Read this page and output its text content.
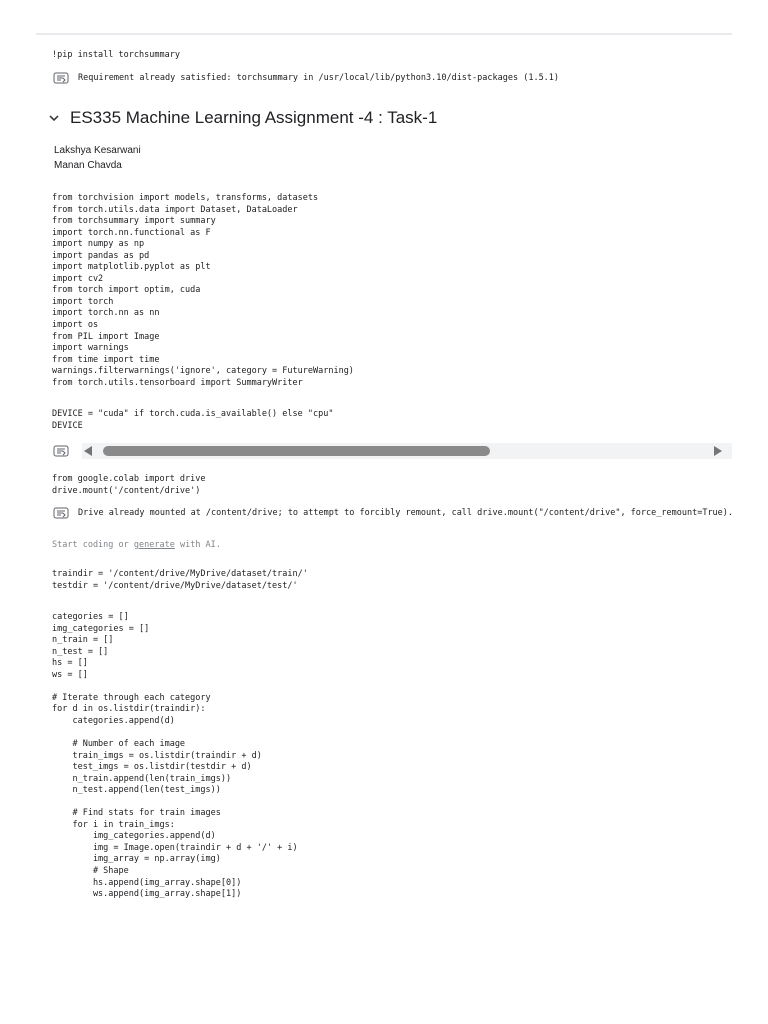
!pip install torchsummary
Requirement already satisfied: torchsummary in /usr/local/lib/python3.10/dist-packages (1.5.1)
ES335 Machine Learning Assignment -4 : Task-1
Lakshya Kesarwani
Manan Chavda
from torchvision import models, transforms, datasets
from torch.utils.data import Dataset, DataLoader
from torchsummary import summary
import torch.nn.functional as F
import numpy as np
import pandas as pd
import matplotlib.pyplot as plt
import cv2
from torch import optim, cuda
import torch
import torch.nn as nn
import os
from PIL import Image
import warnings
from time import time
warnings.filterwarnings('ignore', category = FutureWarning)
from torch.utils.tensorboard import SummaryWriter
DEVICE = "cuda" if torch.cuda.is_available() else "cpu"
DEVICE
from google.colab import drive
drive.mount('/content/drive')
Drive already mounted at /content/drive; to attempt to forcibly remount, call drive.mount("/content/drive", force_remount=True).
Start coding or generate with AI.
traindir = '/content/drive/MyDrive/dataset/train/'
testdir = '/content/drive/MyDrive/dataset/test/'
categories = []
img_categories = []
n_train = []
n_test = []
hs = []
ws = []
# Iterate through each category
for d in os.listdir(traindir):
categories.append(d)
# Number of each image
train_imgs = os.listdir(traindir + d)
test_imgs = os.listdir(testdir + d)
n_train.append(len(train_imgs))
n_test.append(len(test_imgs))
# Find stats for train images
for i in train_imgs:
img_categories.append(d)
img = Image.open(traindir + d + '/' + i)
img_array = np.array(img)
# Shape
hs.append(img_array.shape[0])
ws.append(img_array.shape[1])
